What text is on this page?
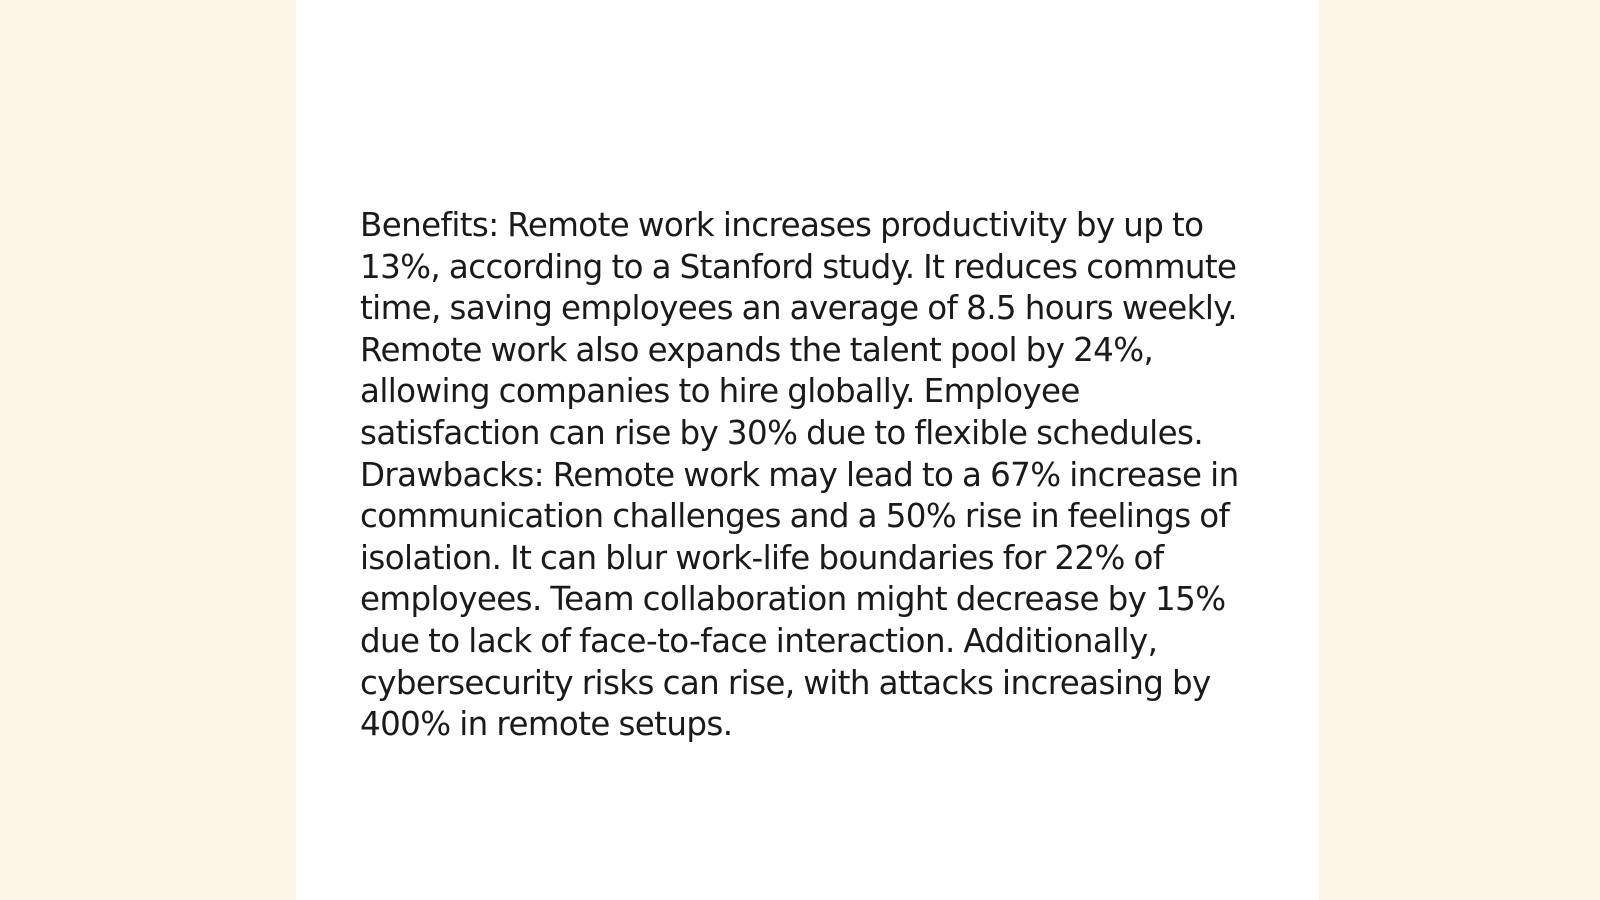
Benefits: Remote work increases productivity by up to 13%, according to a Stanford study. It reduces commute time, saving employees an average of 8.5 hours weekly. Remote work also expands the talent pool by 24%, allowing companies to hire globally. Employee satisfaction can rise by 30% due to flexible schedules.

Drawbacks: Remote work may lead to a 67% increase in communication challenges and a 50% rise in feelings of isolation. It can blur work-life boundaries for 22% of employees. Team collaboration might decrease by 15% due to lack of face-to-face interaction. Additionally, cybersecurity risks can rise, with attacks increasing by 400% in remote setups.
